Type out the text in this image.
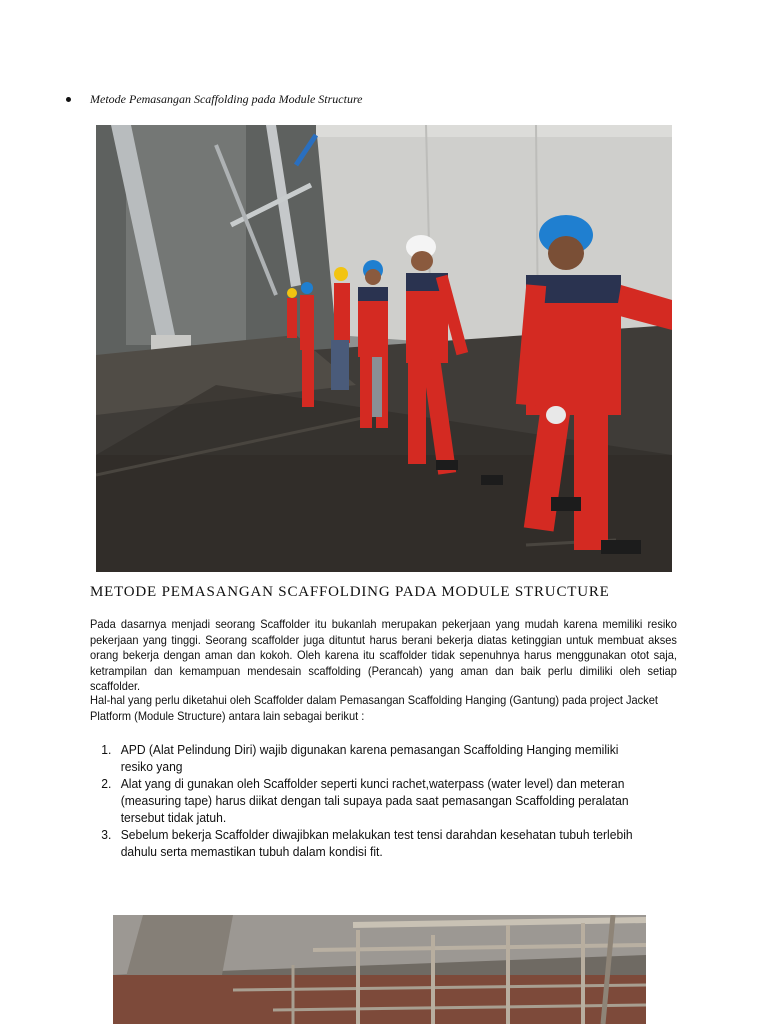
Metode Pemasangan Scaffolding pada Module Structure
METODE PEMASANGAN SCAFFOLDING PADA MODULE STRUCTURE

Pada dasarnya menjadi seorang Scaffolder itu bukanlah merupakan pekerjaan yang mudah karena memiliki resiko pekerjaan yang tinggi. Seorang scaffolder juga dituntut harus berani bekerja diatas ketinggian untuk membuat akses orang bekerja dengan aman dan kokoh. Oleh karena itu scaffolder tidak sepenuhnya harus menggunakan otot saja, ketrampilan dan kemampuan mendesain scaffolding (Perancah) yang aman dan baik perlu dimiliki oleh setiap scaffolder.

Hal-hal yang perlu diketahui oleh Scaffolder dalam Pemasangan Scaffolding Hanging (Gantung) pada project Jacket Platform (Module Structure) antara lain sebagai berikut :

1. APD (Alat Pelindung Diri) wajib digunakan karena pemasangan Scaffolding Hanging memiliki resiko yang
2. Alat yang di gunakan oleh Scaffolder seperti kunci rachet,waterpass (water level) dan meteran (measuring tape) harus diikat dengan tali supaya pada saat pemasangan Scaffolding peralatan tersebut tidak jatuh.
3. Sebelum bekerja Scaffolder diwajibkan melakukan test tensi darahdan kesehatan tubuh terlebih dahulu serta memastikan tubuh dalam kondisi fit.
